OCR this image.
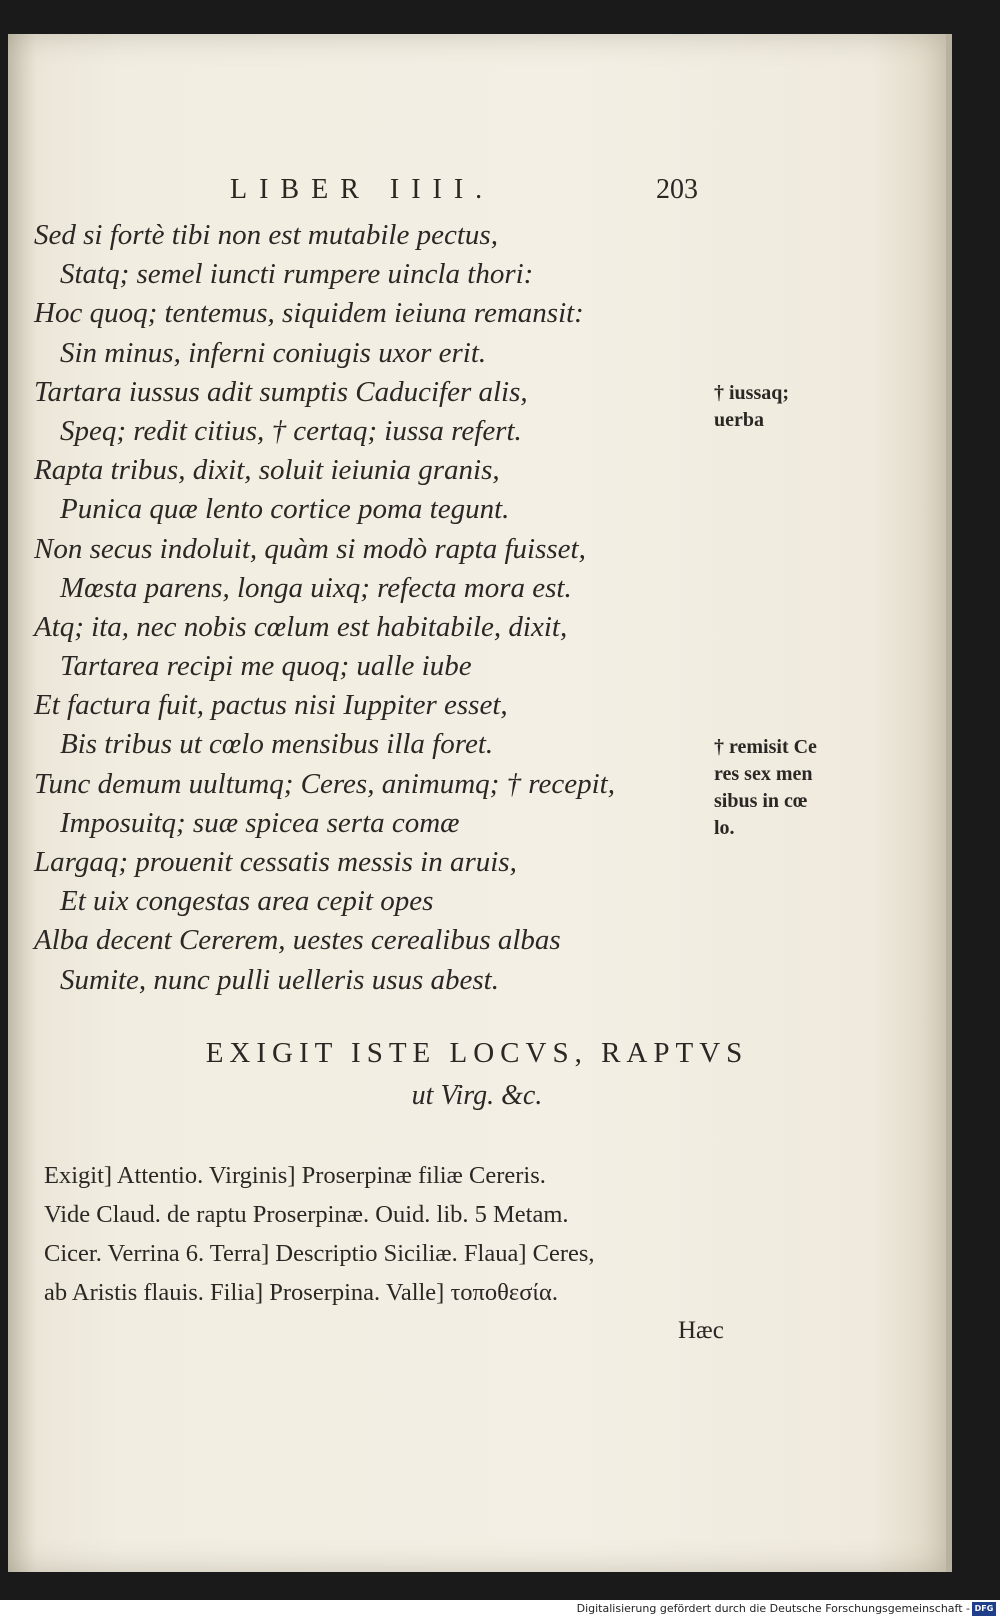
LIBER IIII.	203
Sed si fortè tibi non est mutabile pectus,
Statq; semel iuncti rumpere uincla thori:
Hoc quoq; tentemus, siquidem ieiuna remansit:
Sin minus, inferni coniugis uxor erit.
Tartara iussus adit sumptis Caducifer alis,
Speq; redit citius, † certaq; iussa refert.
Rapta tribus, dixit, soluit ieiunia granis,
Punica quæ lento cortice poma tegunt.
Non secus indoluit, quàm si modò rapta fuisset,
Mœsta parens, longa uixq; refecta mora est.
Atq; ita, nec nobis cœlum est habitabile, dixit,
Tartarea recipi me quoq; ualle iube
Et factura fuit, pactus nisi Iuppiter esset,
Bis tribus ut cœlo mensibus illa foret.
Tunc demum uultumq; Ceres, animumq; † recepit,
Imposuitq; suæ spicea serta comæ
Largaq; prouenit cessatis messis in aruis,
Et uix congestas area cepit opes
Alba decent Cererem, uestes cerealibus albas
Sumite, nunc pulli uelleris usus abest.
† iussaq;
uerba
† remisit Ce
res sex men
sibus in cœ
lo.
EXIGIT ISTE LOCVS, RAPTVS
ut Virg. &c.
Exigit] Attentio. Virginis] Proserpinæ filiæ Cereris.
Vide Claud. de raptu Proserpinæ. Ouid. lib. 5 Metam.
Cicer. Verrina 6. Terra] Descriptio Siciliæ. Flaua] Ceres,
ab Aristis flauis. Filia] Proserpina. Valle] τοποθεσία.
Hæc
Digitalisierung gefördert durch die Deutsche Forschungsgemeinschaft - DFG
